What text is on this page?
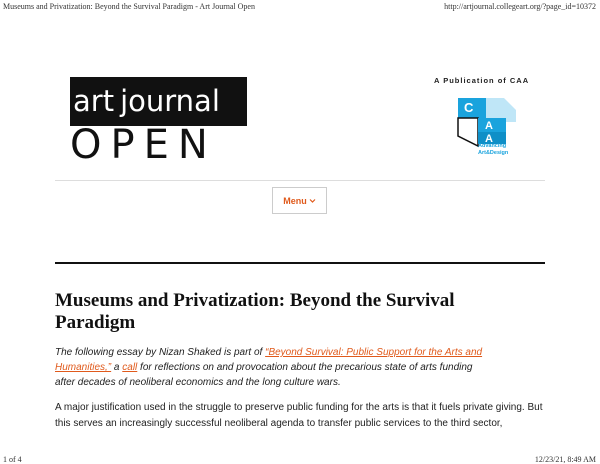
Museums and Privatization: Beyond the Survival Paradigm - Art Journal Open	http://artjournal.collegeart.org/?page_id=10372
art journal
OPEN
A Publication of CAA
C
A
A
Advancing
Art&Design
Menu
Museums and Privatization: Beyond the Survival Paradigm

The following essay by Nizan Shaked is part of “Beyond Survival: Public Support for the Arts and Humanities,” a call for reflections on and provocation about the precarious state of arts funding after decades of neoliberal economics and the long culture wars.

A major justification used in the struggle to preserve public funding for the arts is that it fuels private giving. But this serves an increasingly successful neoliberal agenda to transfer public services to the third sector,

1 of 4	12/23/21, 8:49 AM
